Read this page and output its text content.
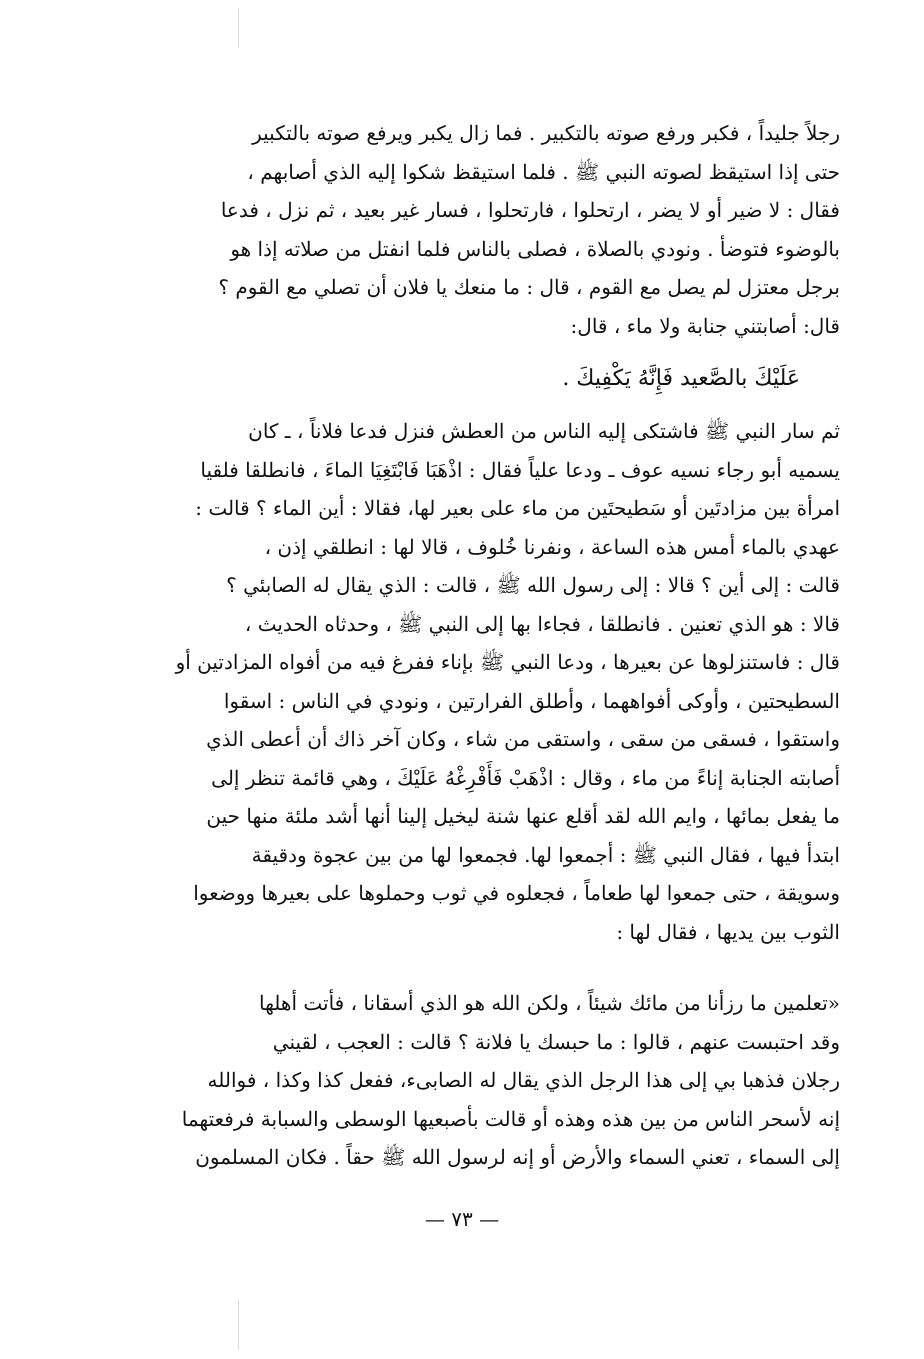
رجلاً جليداً ، فكبر ورفع صوته بالتكبير . فما زال يكبر ويرفع صوته بالتكبير
حتى إذا استيقظ لصوته النبي ﷺ . فلما استيقظ شكوا إليه الذي أصابهم ،
فقال : لا ضير أو لا يضر ، ارتحلوا ، فارتحلوا ، فسار غير بعيد ، ثم نزل ، فدعا
بالوضوء فتوضأ . ونودي بالصلاة ، فصلى بالناس فلما انفتل من صلاته إذا هو
برجل معتزل لم يصل مع القوم ، قال : ما منعك يا فلان أن تصلي مع القوم ؟
قال: أصابتني جنابة ولا ماء ، قال:

عَلَيْكَ بالصَّعيد فَإِنَّهُ يَكْفِيكَ .

ثم سار النبي ﷺ فاشتكى إليه الناس من العطش فنزل فدعا فلاناً ، ـ كان
يسميه أبو رجاء نسيه عوف ـ ودعا علياً فقال : اذْهَبَا فَابْتَغِيَا الماءَ ، فانطلقا فلقيا
امرأة بين مزادتَين أو سَطيحتَين من ماء على بعير لها، فقالا : أين الماء ؟ قالت :
عهدي بالماء أمس هذه الساعة ، ونفرنا خُلوف ، قالا لها : انطلقي إذن ،
قالت : إلى أين ؟ قالا : إلى رسول الله ﷺ ، قالت : الذي يقال له الصابئي ؟
قالا : هو الذي تعنين . فانطلقا ، فجاءا بها إلى النبي ﷺ ، وحدثاه الحديث ،
قال : فاستنزلوها عن بعيرها ، ودعا النبي ﷺ بإناء ففرغ فيه من أفواه المزادتين أو
السطيحتين ، وأوكى أفواههما ، وأطلق الفرارتين ، ونودي في الناس : اسقوا
واستقوا ، فسقى من سقى ، واستقى من شاء ، وكان آخر ذاك أن أعطى الذي
أصابته الجنابة إناءً من ماء ، وقال : اذْهَبْ فَأَفْرِغْهُ عَلَيْكَ ، وهي قائمة تنظر إلى
ما يفعل بمائها ، وايم الله لقد أقلع عنها شنة ليخيل إلينا أنها أشد ملئة منها حين
ابتدأ فيها ، فقال النبي ﷺ : أجمعوا لها. فجمعوا لها من بين عجوة ودقيقة
وسويقة ، حتى جمعوا لها طعاماً ، فجعلوه في ثوب وحملوها على بعيرها ووضعوا
الثوب بين يديها ، فقال لها :

«تعلمين ما رزأنا من مائك شيئاً ، ولكن الله هو الذي أسقانا ، فأتت أهلها
وقد احتبست عنهم ، قالوا : ما حبسك يا فلانة ؟ قالت : العجب ، لقيني
رجلان فذهبا بي إلى هذا الرجل الذي يقال له الصابىء، ففعل كذا وكذا ، فوالله
إنه لأسحر الناس من بين هذه وهذه أو قالت بأصبعيها الوسطى والسبابة فرفعتهما
إلى السماء ، تعني السماء والأرض أو إنه لرسول الله ﷺ حقاً . فكان المسلمون

— ٧٣ —
